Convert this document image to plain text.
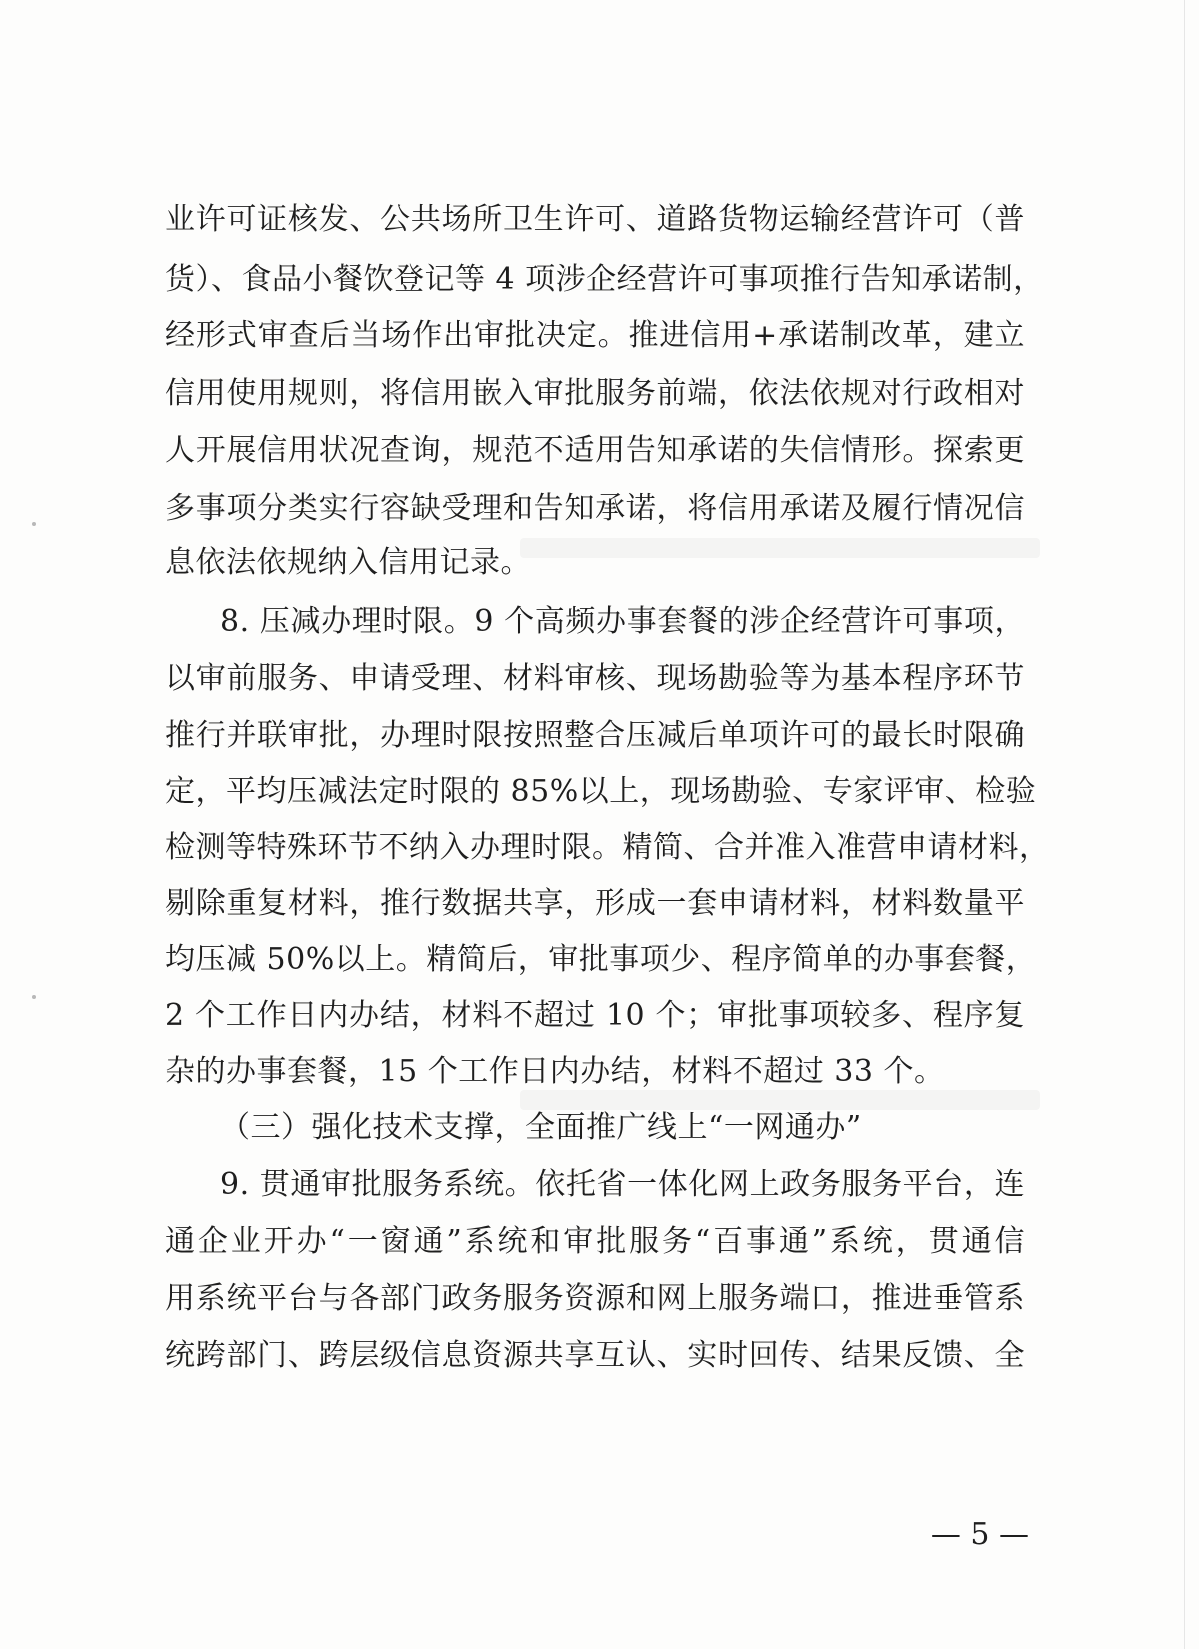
业许可证核发、公共场所卫生许可、道路货物运输经营许可（普
货）、食品小餐饮登记等 4 项涉企经营许可事项推行告知承诺制，
经形式审查后当场作出审批决定。推进信用+承诺制改革，建立
信用使用规则，将信用嵌入审批服务前端，依法依规对行政相对
人开展信用状况查询，规范不适用告知承诺的失信情形。探索更
多事项分类实行容缺受理和告知承诺，将信用承诺及履行情况信
息依法依规纳入信用记录。
8. 压减办理时限。9 个高频办事套餐的涉企经营许可事项，
以审前服务、申请受理、材料审核、现场勘验等为基本程序环节
推行并联审批，办理时限按照整合压减后单项许可的最长时限确
定，平均压减法定时限的 85%以上，现场勘验、专家评审、检验
检测等特殊环节不纳入办理时限。精简、合并准入准营申请材料，
剔除重复材料，推行数据共享，形成一套申请材料，材料数量平
均压减 50%以上。精简后，审批事项少、程序简单的办事套餐，
2 个工作日内办结，材料不超过 10 个；审批事项较多、程序复
杂的办事套餐，15 个工作日内办结，材料不超过 33 个。
（三）强化技术支撑，全面推广线上“一网通办”
9. 贯通审批服务系统。依托省一体化网上政务服务平台，连
通企业开办“一窗通”系统和审批服务“百事通”系统，贯通信
用系统平台与各部门政务服务资源和网上服务端口，推进垂管系
统跨部门、跨层级信息资源共享互认、实时回传、结果反馈、全
— 5 —
